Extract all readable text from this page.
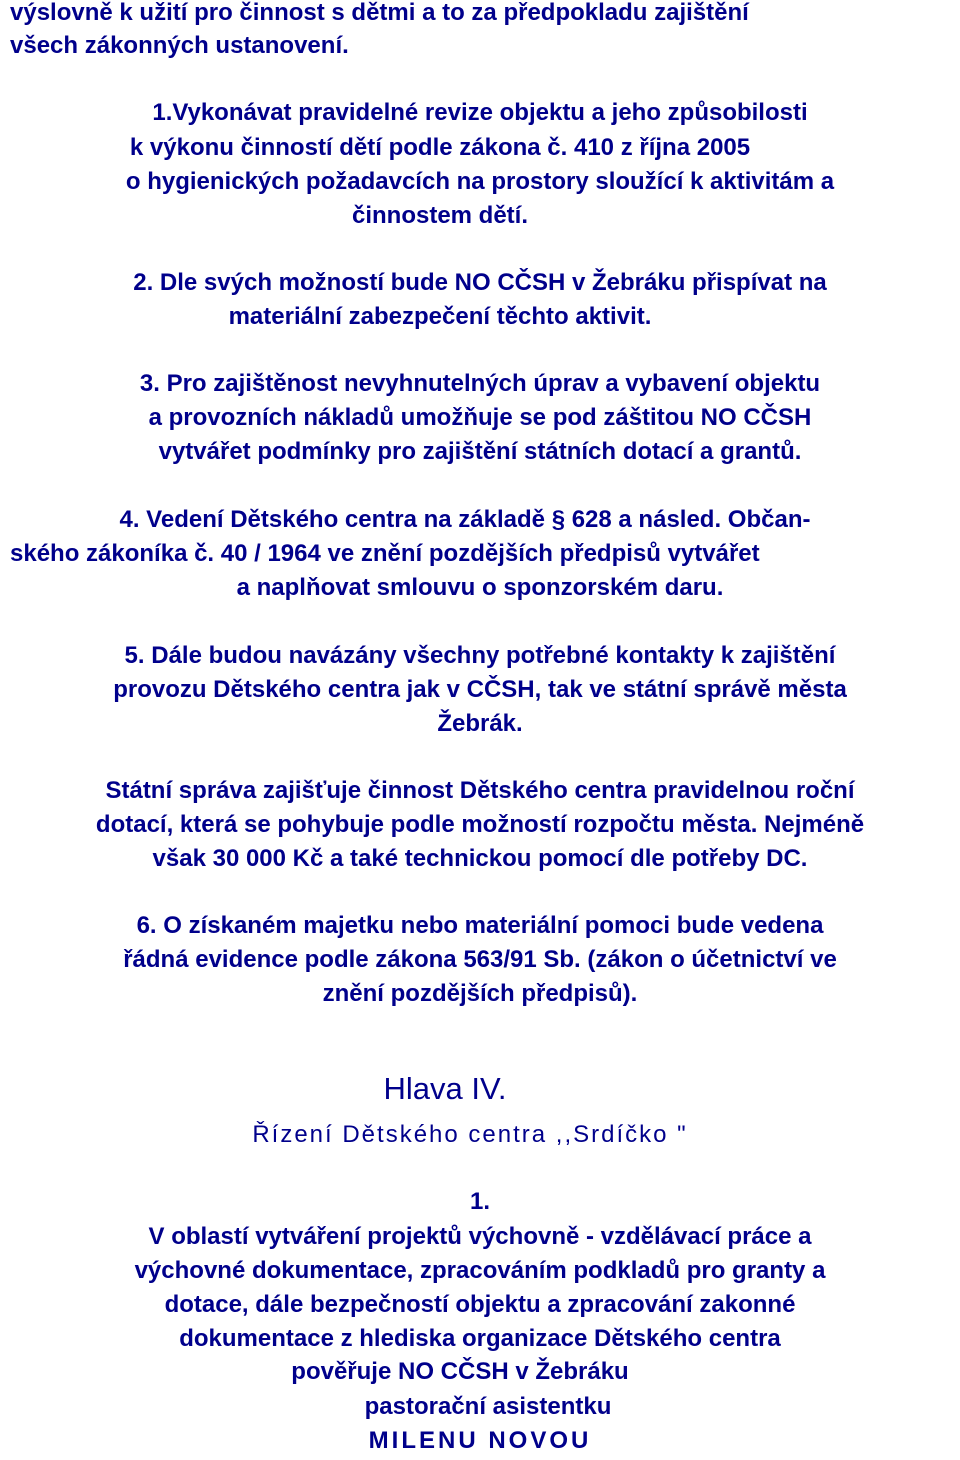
výslovně k užití pro činnost s dětmi a to za předpokladu zajištění
všech zákonných ustanovení.
1.Vykonávat pravidelné revize objektu a jeho způsobilosti
k výkonu činností dětí podle zákona č. 410 z října 2005
o hygienických požadavcích na prostory sloužící k aktivitám a
činnostem dětí.
2. Dle svých možností bude NO CČSH v Žebráku přispívat na
materiální zabezpečení těchto aktivit.
3. Pro zajištěnost nevyhnutelných úprav a vybavení objektu
a provozních nákladů umožňuje se pod záštitou NO CČSH
vytvářet podmínky pro zajištění státních dotací a grantů.
4. Vedení Dětského centra na základě § 628 a násled. Občan-
ského zákoníka č. 40 / 1964 ve znění pozdějších předpisů vytvářet
a naplňovat smlouvu o sponzorském daru.
5. Dále budou navázány všechny potřebné kontakty k zajištění
provozu Dětského centra jak v CČSH, tak ve státní správě města
Žebrák.
Státní správa zajišťuje činnost Dětského centra pravidelnou roční
dotací, která se pohybuje podle možností rozpočtu města. Nejméně
však 30 000 Kč a také technickou pomocí dle potřeby DC.
6. O získaném majetku nebo materiální pomoci bude vedena
řádná evidence podle zákona 563/91 Sb. (zákon o účetnictví ve
znění pozdějších předpisů).
Hlava IV.
Řízení Dětského centra ,,Srdíčko "
1.
V oblastí vytváření projektů výchovně - vzdělávací práce a
výchovné dokumentace, zpracováním podkladů pro granty a
dotace, dále bezpečností objektu a zpracování zakonné
dokumentace z hlediska organizace Dětského centra
pověřuje NO CČSH v Žebráku
pastorační asistentku
MILENU NOVOU
